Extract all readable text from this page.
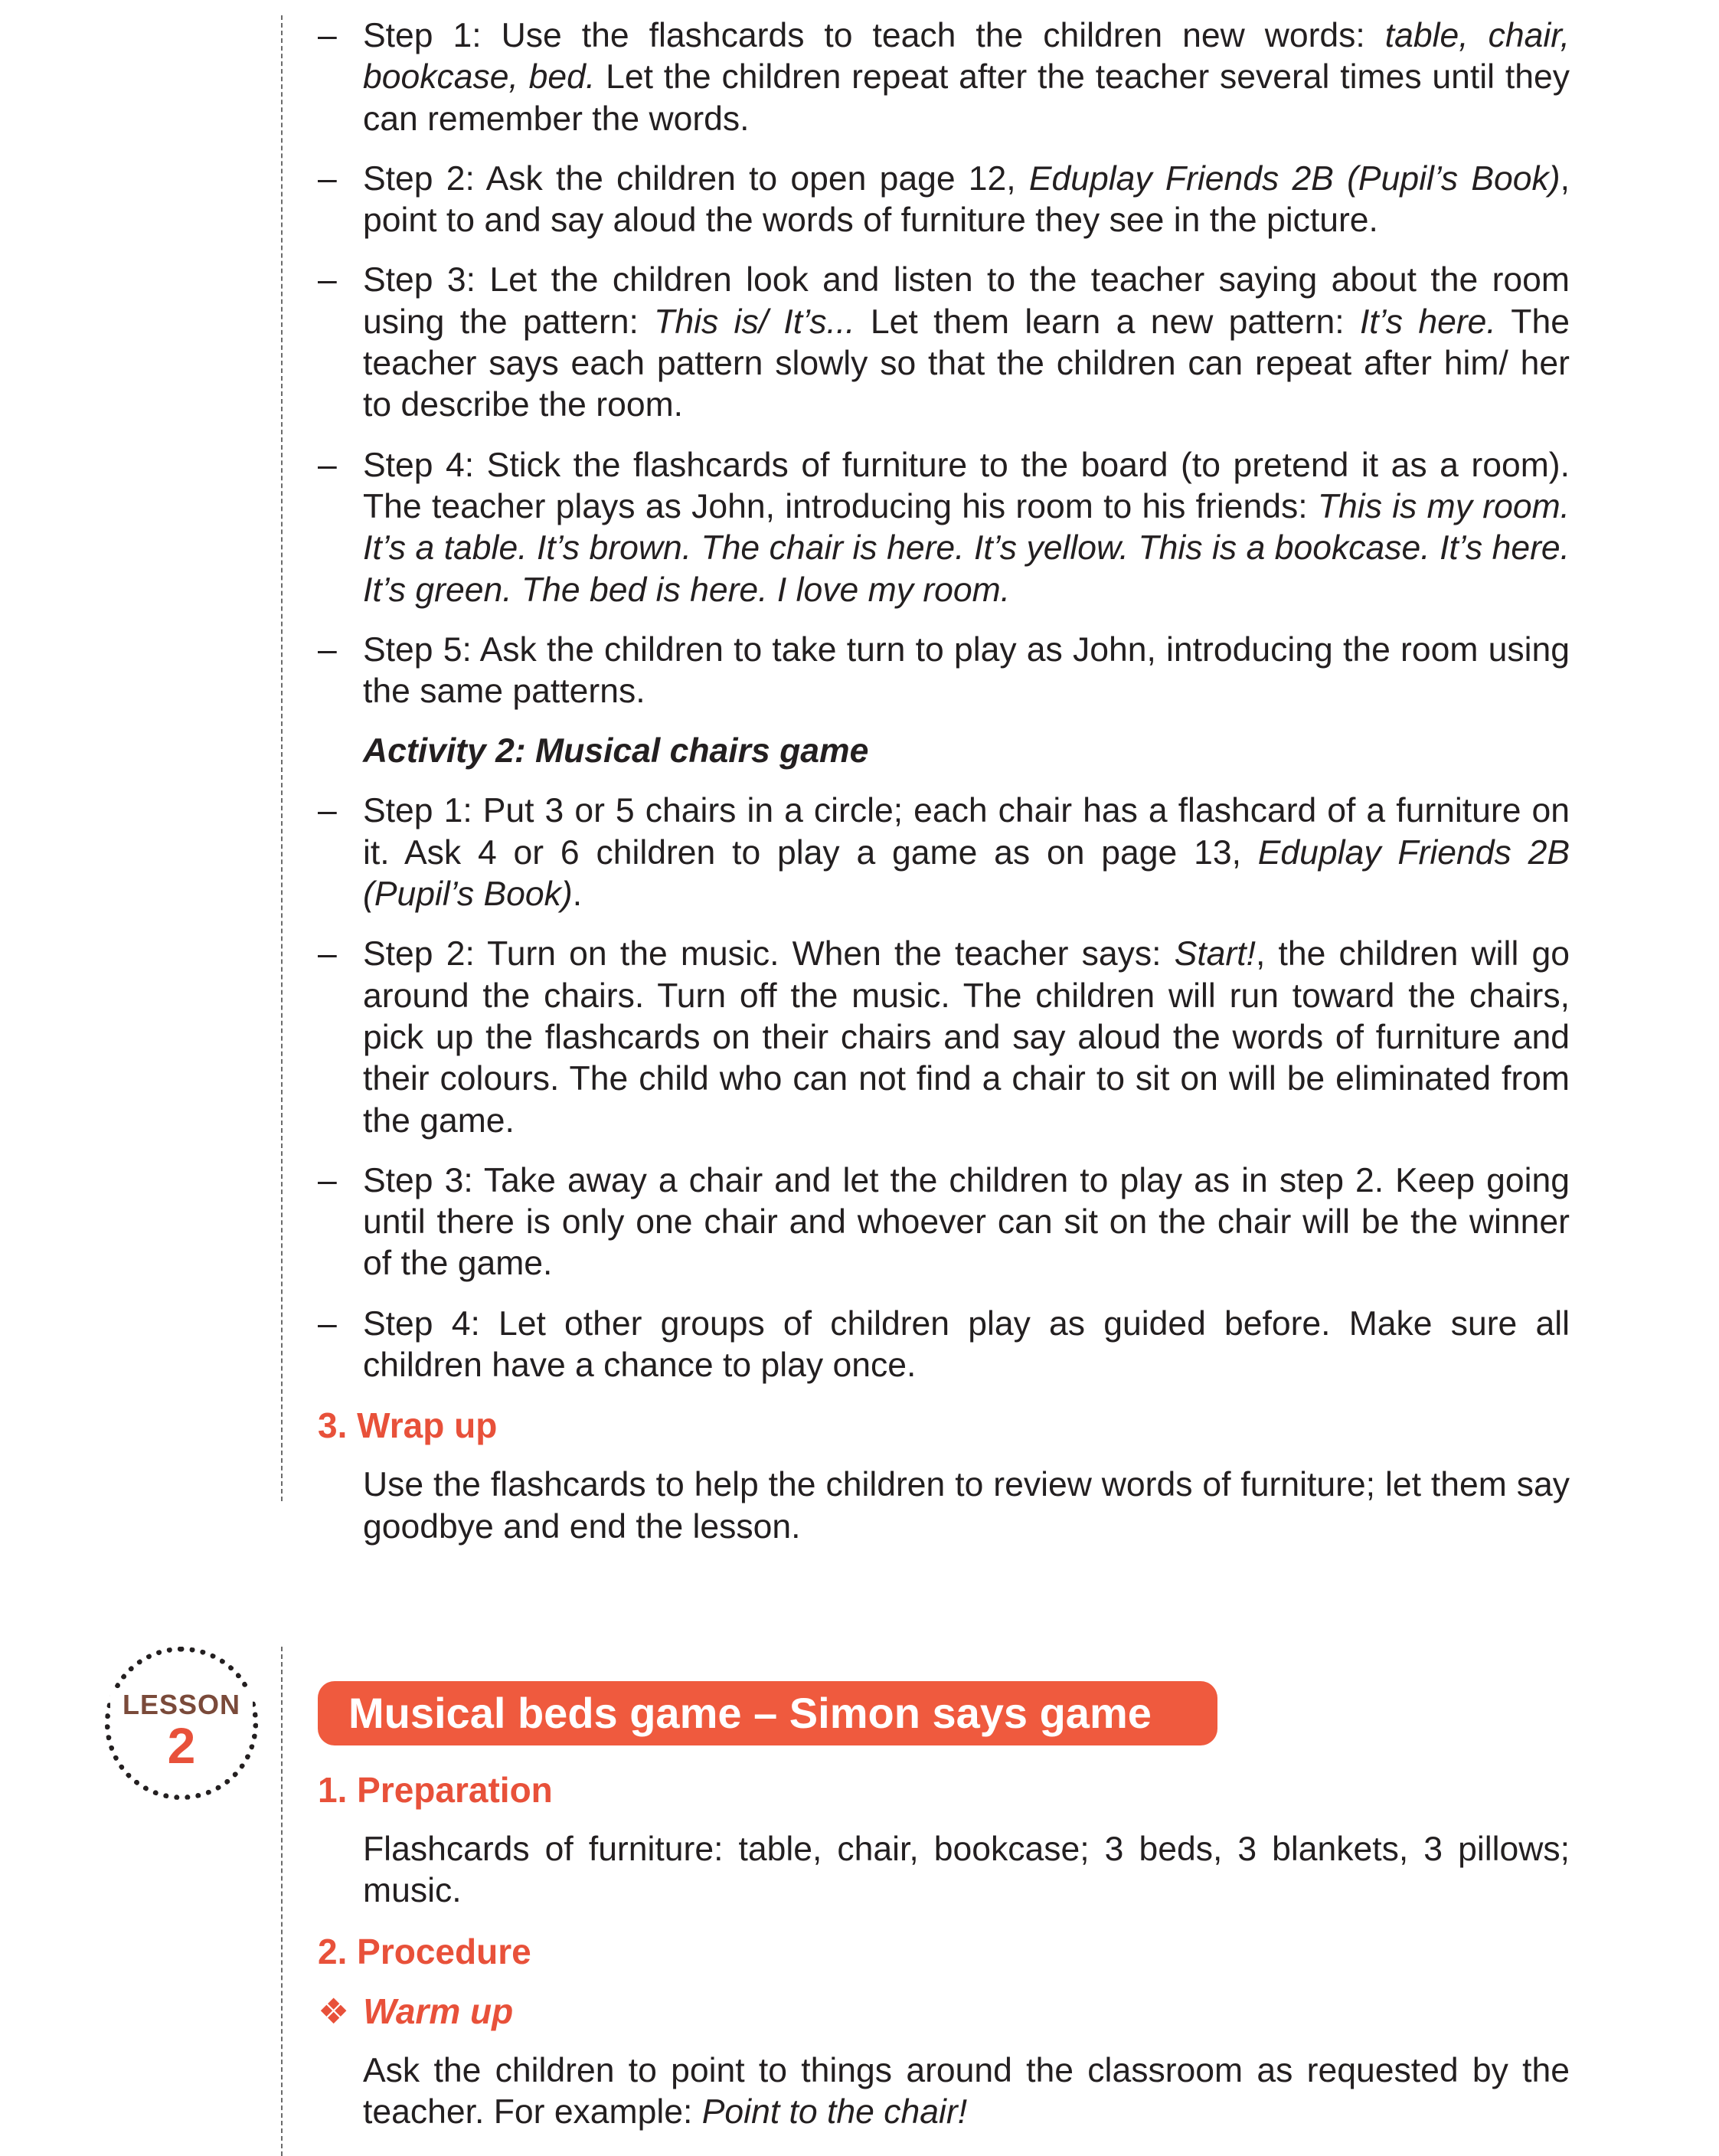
– Step 1: Use the flashcards to teach the children new words: table, chair, bookcase, bed. Let the children repeat after the teacher several times until they can remember the words.
– Step 2: Ask the children to open page 12, Eduplay Friends 2B (Pupil’s Book), point to and say aloud the words of furniture they see in the picture.
– Step 3: Let the children look and listen to the teacher saying about the room using the pattern: This is/ It’s... Let them learn a new pattern: It’s here. The teacher says each pattern slowly so that the children can repeat after him/ her to describe the room.
– Step 4: Stick the flashcards of furniture to the board (to pretend it as a room). The teacher plays as John, introducing his room to his friends: This is my room. It’s a table. It’s brown. The chair is here. It’s yellow. This is a bookcase. It’s here. It’s green. The bed is here. I love my room.
– Step 5: Ask the children to take turn to play as John, introducing the room using the same patterns.
Activity 2: Musical chairs game
– Step 1: Put 3 or 5 chairs in a circle; each chair has a flashcard of a furniture on it. Ask 4 or 6 children to play a game as on page 13, Eduplay Friends 2B (Pupil’s Book).
– Step 2: Turn on the music. When the teacher says: Start!, the children will go around the chairs. Turn off the music. The children will run toward the chairs, pick up the flashcards on their chairs and say aloud the words of furniture and their colours. The child who can not find a chair to sit on will be eliminated from the game.
– Step 3: Take away a chair and let the children to play as in step 2. Keep going until there is only one chair and whoever can sit on the chair will be the winner of the game.
– Step 4: Let other groups of children play as guided before. Make sure all children have a chance to play once.
3. Wrap up
Use the flashcards to help the children to review words of furniture; let them say goodbye and end the lesson.
LESSON
2
Musical beds game – Simon says game
1. Preparation
Flashcards of furniture: table, chair, bookcase; 3 beds, 3 blankets, 3 pillows; music.
2. Procedure
❖ Warm up
Ask the children to point to things around the classroom as requested by the teacher. For example: Point to the chair!
